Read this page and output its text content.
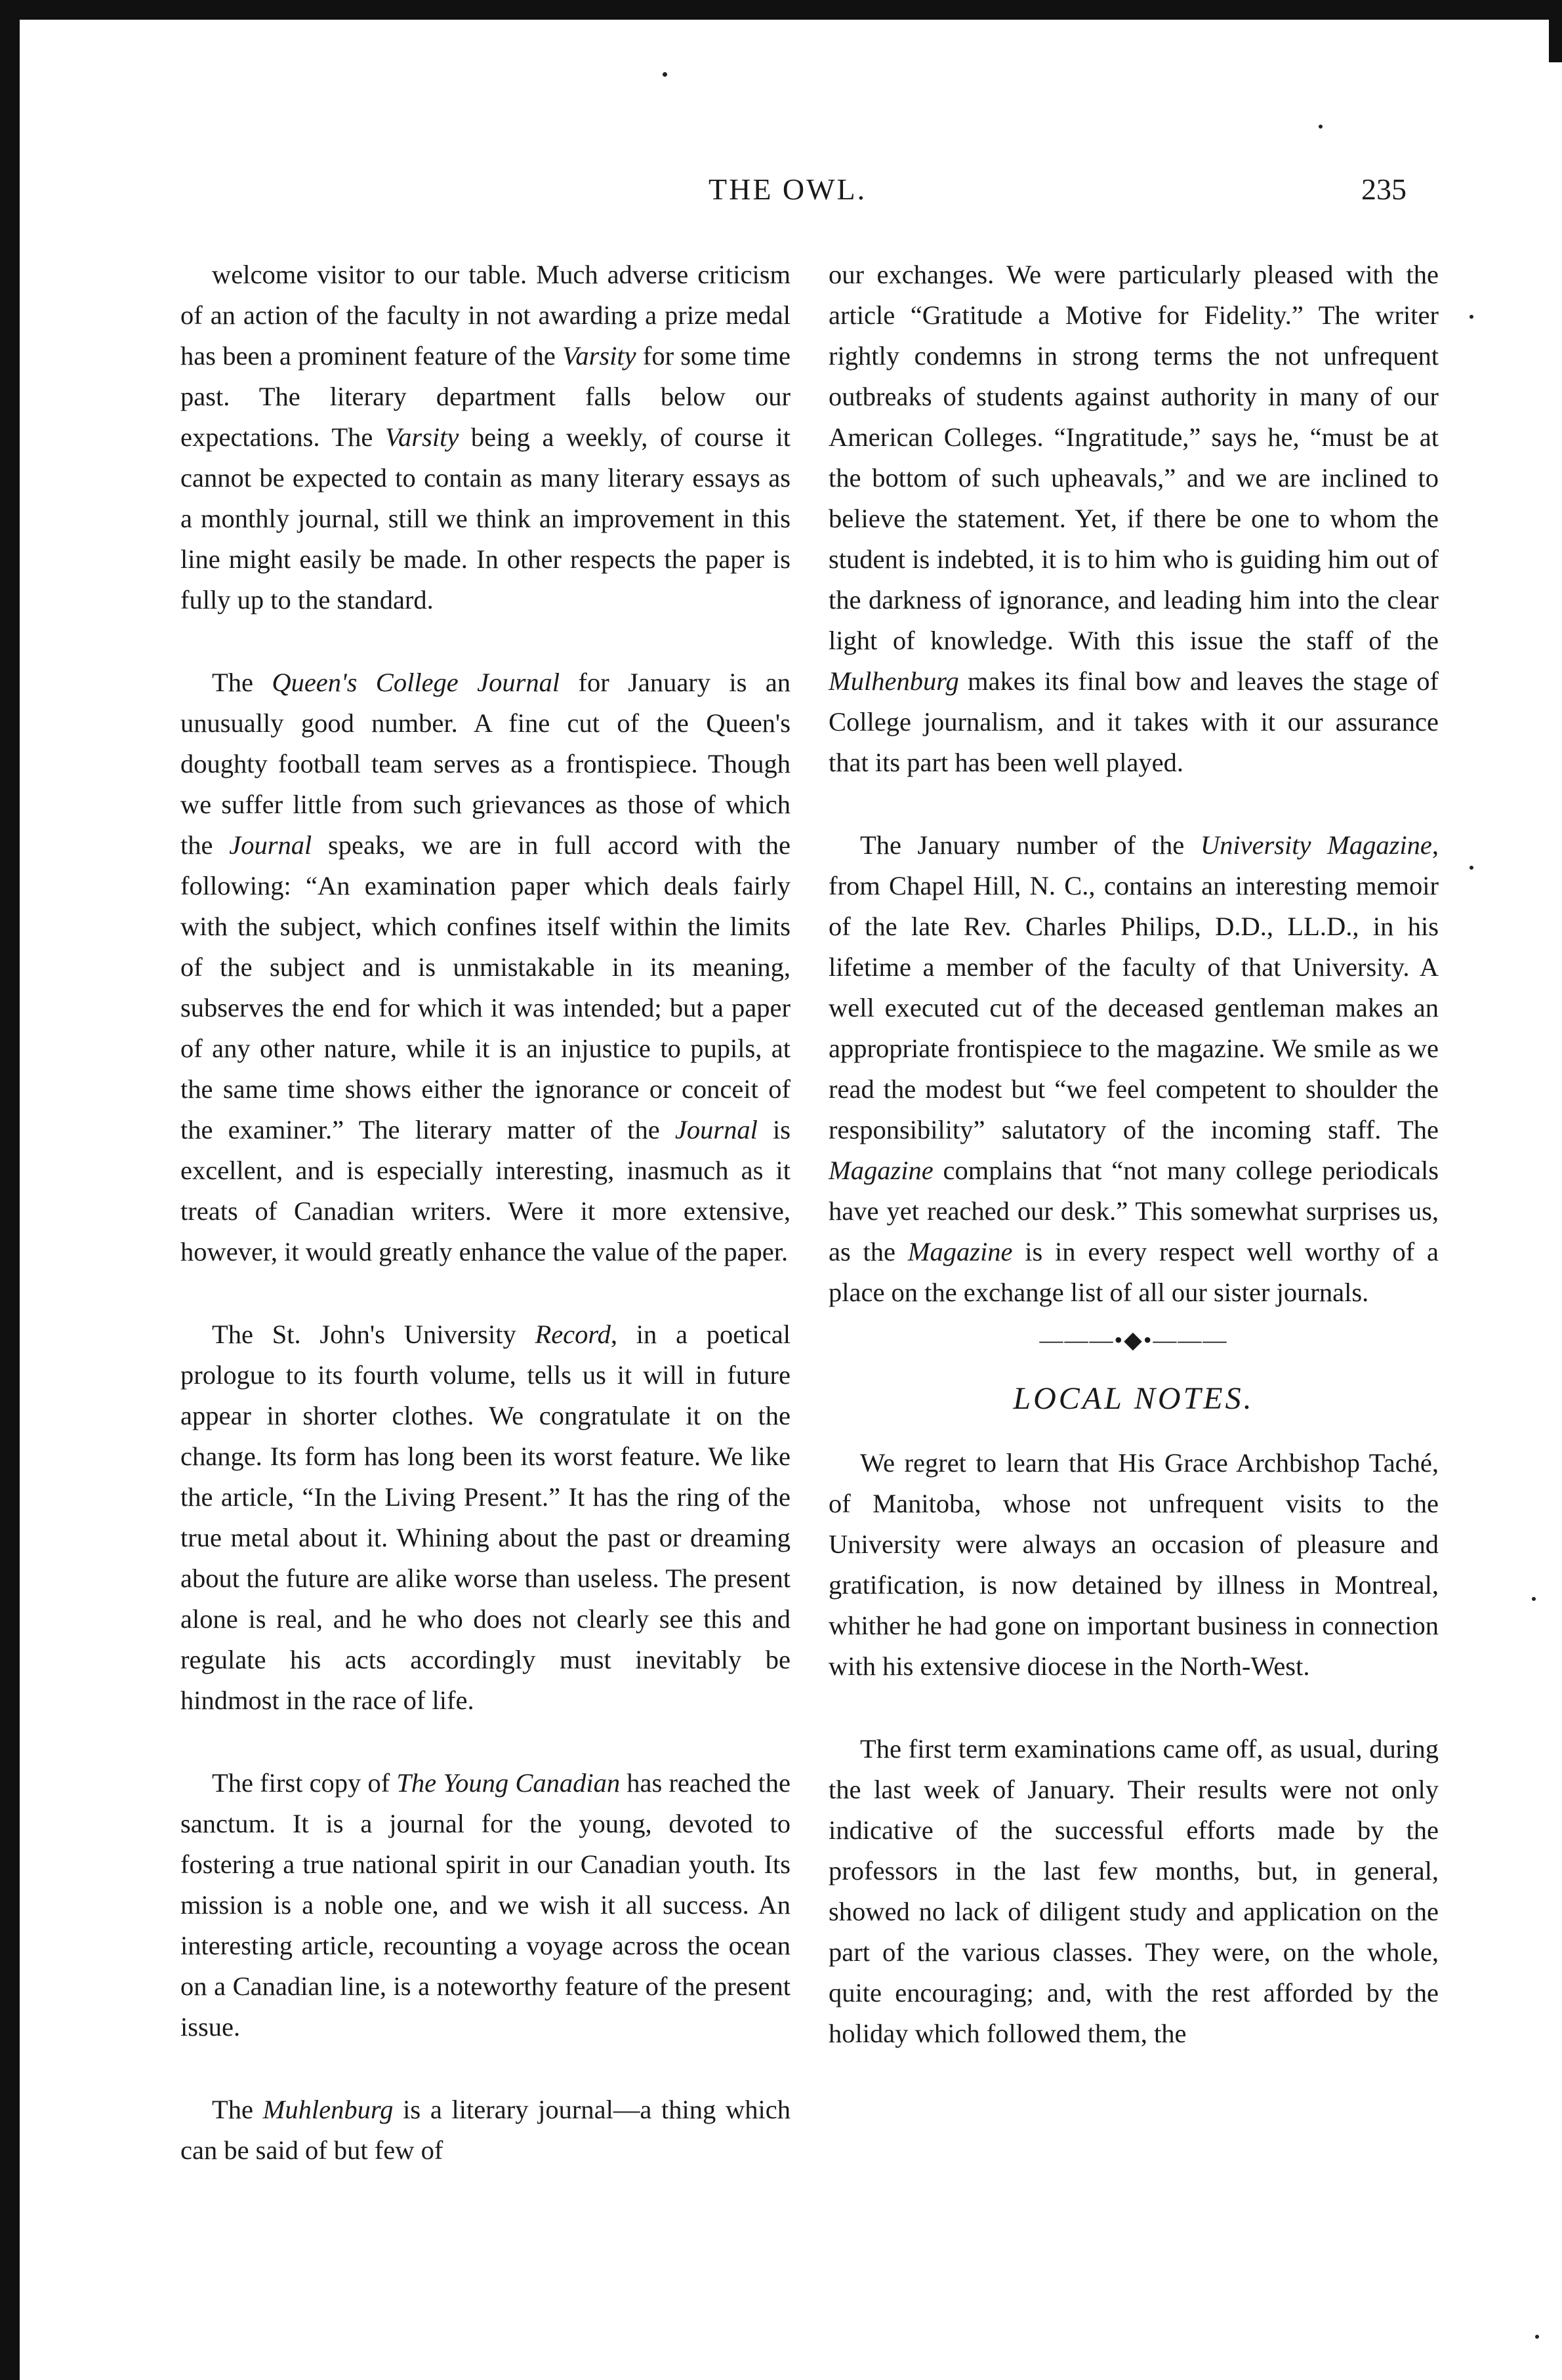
THE OWL.	235

welcome visitor to our table. Much adverse criticism of an action of the faculty in not awarding a prize medal has been a prominent feature of the Varsity for some time past. The literary department falls below our expectations. The Varsity being a weekly, of course it cannot be expected to contain as many literary essays as a monthly journal, still we think an improvement in this line might easily be made. In other respects the paper is fully up to the standard.

The Queen's College Journal for January is an unusually good number. A fine cut of the Queen's doughty football team serves as a frontispiece. Though we suffer little from such grievances as those of which the Journal speaks, we are in full accord with the following: “An examination paper which deals fairly with the subject, which confines itself within the limits of the subject and is unmistakable in its meaning, subserves the end for which it was intended; but a paper of any other nature, while it is an injustice to pupils, at the same time shows either the ignorance or conceit of the examiner.” The literary matter of the Journal is excellent, and is especially interesting, inasmuch as it treats of Canadian writers. Were it more extensive, however, it would greatly enhance the value of the paper.

The St. John's University Record, in a poetical prologue to its fourth volume, tells us it will in future appear in shorter clothes. We congratulate it on the change. Its form has long been its worst feature. We like the article, “In the Living Present.” It has the ring of the true metal about it. Whining about the past or dreaming about the future are alike worse than useless. The present alone is real, and he who does not clearly see this and regulate his acts accordingly must inevitably be hindmost in the race of life.

The first copy of The Young Canadian has reached the sanctum. It is a journal for the young, devoted to fostering a true national spirit in our Canadian youth. Its mission is a noble one, and we wish it all success. An interesting article, recounting a voyage across the ocean on a Canadian line, is a noteworthy feature of the present issue.

The Muhlenburg is a literary journal—a thing which can be said of but few of

our exchanges. We were particularly pleased with the article “Gratitude a Motive for Fidelity.” The writer rightly condemns in strong terms the not unfrequent outbreaks of students against authority in many of our American Colleges. “Ingratitude,” says he, “must be at the bottom of such upheavals,” and we are inclined to believe the statement. Yet, if there be one to whom the student is indebted, it is to him who is guiding him out of the darkness of ignorance, and leading him into the clear light of knowledge. With this issue the staff of the Mulhenburg makes its final bow and leaves the stage of College journalism, and it takes with it our assurance that its part has been well played.

The January number of the University Magazine, from Chapel Hill, N. C., contains an interesting memoir of the late Rev. Charles Philips, D.D., LL.D., in his lifetime a member of the faculty of that University. A well executed cut of the deceased gentleman makes an appropriate frontispiece to the magazine. We smile as we read the modest but “we feel competent to shoulder the responsibility” salutatory of the incoming staff. The Magazine complains that “not many college periodicals have yet reached our desk.” This somewhat surprises us, as the Magazine is in every respect well worthy of a place on the exchange list of all our sister journals.

———•◆•———
LOCAL NOTES.

We regret to learn that His Grace Archbishop Taché, of Manitoba, whose not unfrequent visits to the University were always an occasion of pleasure and gratification, is now detained by illness in Montreal, whither he had gone on important business in connection with his extensive diocese in the North-West.

The first term examinations came off, as usual, during the last week of January. Their results were not only indicative of the successful efforts made by the professors in the last few months, but, in general, showed no lack of diligent study and application on the part of the various classes. They were, on the whole, quite encouraging; and, with the rest afforded by the holiday which followed them, the
